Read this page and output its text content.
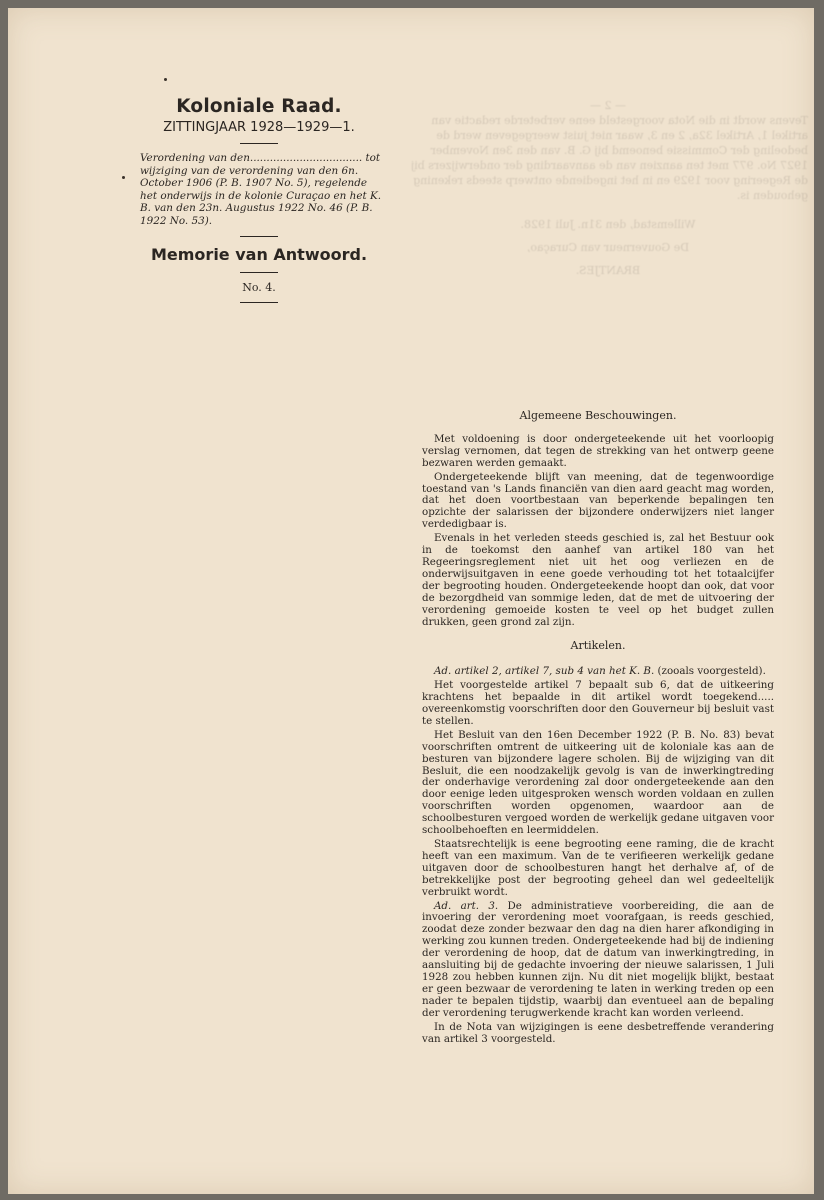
— 2 —
Tevens wordt in die Nota voorgesteld eene verbeterde redactie van artikel 1, Artikel 32a, 2 en 3, waar niet juist weergegeven werd de bedoeling der Commissie benoemd bij G. B. van den 3en November 1927 No. 977 met ten aanzien van de aanvaarding der onderwijzers bij de Regeering voor 1929 en in het ingediende ontwerp steeds rekening gehouden is.
Willemstad, den 31n. Juli 1928.
De Gouverneur van Curaçao,
BRANTJES.
Koloniale Raad.
ZITTINGJAAR 1928—1929—1.
Verordening van den.................................. tot wijziging van de verordening van den 6n. October 1906 (P. B. 1907 No. 5), regelende het onderwijs in de kolonie Curaçao en het K. B. van den 23n. Augustus 1922 No. 46 (P. B. 1922 No. 53).
Memorie van Antwoord.
No. 4.
Algemeene Beschouwingen.

Met voldoening is door ondergeteekende uit het voorloopig verslag vernomen, dat tegen de strekking van het ontwerp geene bezwaren werden gemaakt.

Ondergeteekende blijft van meening, dat de tegenwoordige toestand van 's Lands financiën van dien aard geacht mag worden, dat het doen voortbestaan van beperkende bepalingen ten opzichte der salarissen der bijzondere onderwijzers niet langer verdedigbaar is.

Evenals in het verleden steeds geschied is, zal het Bestuur ook in de toekomst den aanhef van artikel 180 van het Regeeringsreglement niet uit het oog verliezen en de onderwijsuitgaven in eene goede verhouding tot het totaalcijfer der begrooting houden. Ondergeteekende hoopt dan ook, dat voor de bezorgdheid van sommige leden, dat de met de uitvoering der verordening gemoeide kosten te veel op het budget zullen drukken, geen grond zal zijn.

Artikelen.

Ad. artikel 2, artikel 7, sub 4 van het K. B. (zooals voorgesteld).

Het voorgestelde artikel 7 bepaalt sub 6, dat de uitkeering krachtens het bepaalde in dit artikel wordt toegekend..... overeenkomstig voorschriften door den Gouverneur bij besluit vast te stellen.

Het Besluit van den 16en December 1922 (P. B. No. 83) bevat voorschriften omtrent de uitkeering uit de koloniale kas aan de besturen van bijzondere lagere scholen. Bij de wijziging van dit Besluit, die een noodzakelijk gevolg is van de inwerkingtreding der onderhavige verordening zal door ondergeteekende aan den door eenige leden uitgesproken wensch worden voldaan en zullen voorschriften worden opgenomen, waardoor aan de schoolbesturen vergoed worden de werkelijk gedane uitgaven voor schoolbehoeften en leermiddelen.

Staatsrechtelijk is eene begrooting eene raming, die de kracht heeft van een maximum. Van de te verifieeren werkelijk gedane uitgaven door de schoolbesturen hangt het derhalve af, of de betrekkelijke post der begrooting geheel dan wel gedeeltelijk verbruikt wordt.

Ad. art. 3. De administratieve voorbereiding, die aan de invoering der verordening moet voorafgaan, is reeds geschied, zoodat deze zonder bezwaar den dag na dien harer afkondiging in werking zou kunnen treden. Ondergeteekende had bij de indiening der verordening de hoop, dat de datum van inwerkingtreding, in aansluiting bij de gedachte invoering der nieuwe salarissen, 1 Juli 1928 zou hebben kunnen zijn. Nu dit niet mogelijk blijkt, bestaat er geen bezwaar de verordening te laten in werking treden op een nader te bepalen tijdstip, waarbij dan eventueel aan de bepaling der verordening terugwerkende kracht kan worden verleend.

In de Nota van wijzigingen is eene desbetreffende verandering van artikel 3 voorgesteld.
